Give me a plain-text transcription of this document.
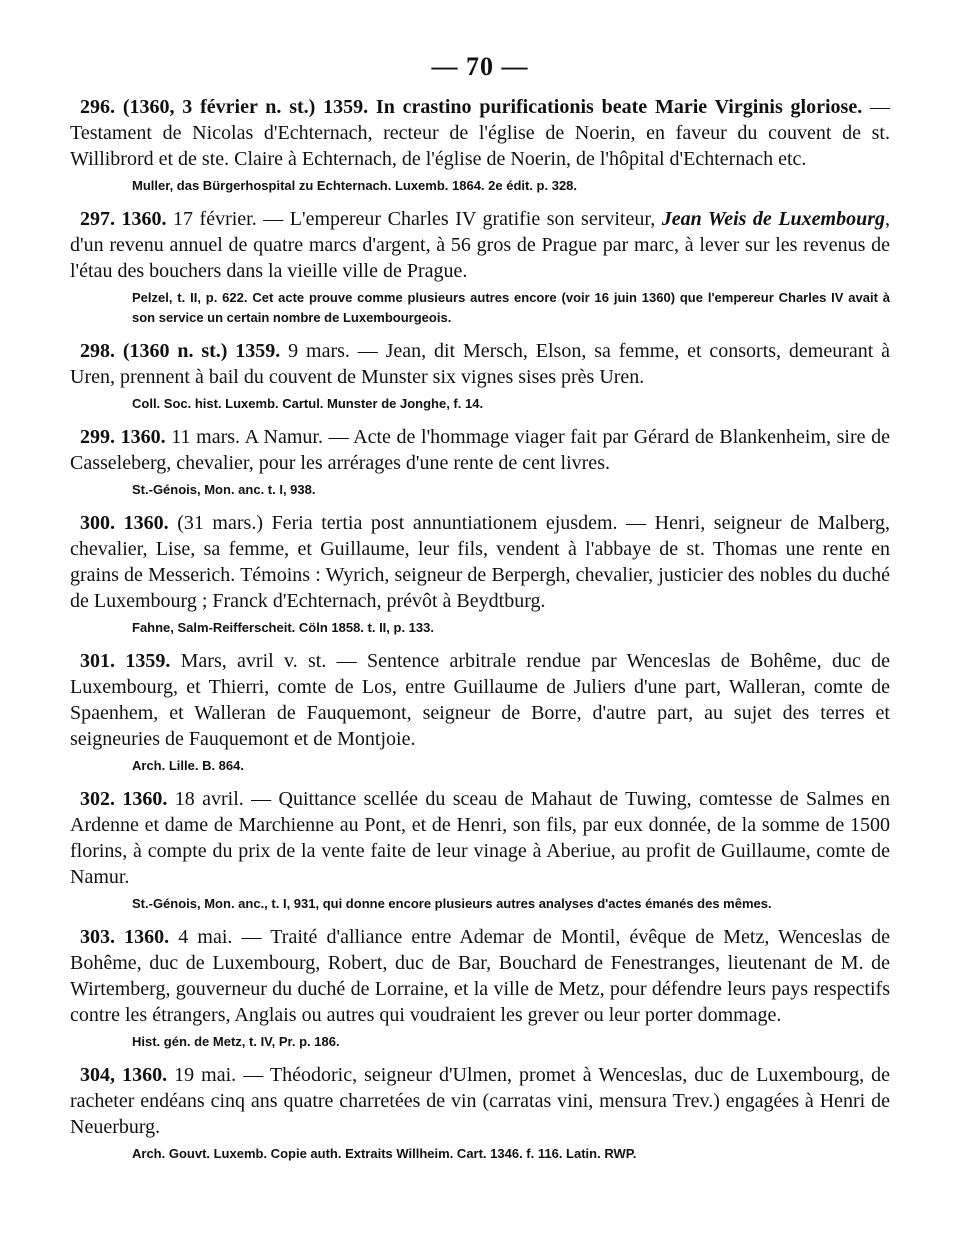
— 70 —

296. (1360, 3 février n. st.) 1359. In crastino purificationis beate Marie Virginis gloriose. — Testament de Nicolas d'Echternach, recteur de l'église de Noerin, en faveur du couvent de st. Willibrord et de ste. Claire à Echternach, de l'église de Noerin, de l'hôpital d'Echternach etc.

Muller, das Bürgerhospital zu Echternach. Luxemb. 1864. 2e édit. p. 328.

297. 1360. 17 février. — L'empereur Charles IV gratifie son serviteur, Jean Weis de Luxembourg, d'un revenu annuel de quatre marcs d'argent, à 56 gros de Prague par marc, à lever sur les revenus de l'étau des bouchers dans la vieille ville de Prague.

Pelzel, t. II, p. 622. Cet acte prouve comme plusieurs autres encore (voir 16 juin 1360) que l'empereur Charles IV avait à son service un certain nombre de Luxembourgeois.

298. (1360 n. st.) 1359. 9 mars. — Jean, dit Mersch, Elson, sa femme, et consorts, demeurant à Uren, prennent à bail du couvent de Munster six vignes sises près Uren.

Coll. Soc. hist. Luxemb. Cartul. Munster de Jonghe, f. 14.

299. 1360. 11 mars. A Namur. — Acte de l'hommage viager fait par Gérard de Blankenheim, sire de Casseleberg, chevalier, pour les arrérages d'une rente de cent livres.

St.-Génois, Mon. anc. t. I, 938.

300. 1360. (31 mars.) Feria tertia post annuntiationem ejusdem. — Henri, seigneur de Malberg, chevalier, Lise, sa femme, et Guillaume, leur fils, vendent à l'abbaye de st. Thomas une rente en grains de Messerich. Témoins : Wyrich, seigneur de Berpergh, chevalier, justicier des nobles du duché de Luxembourg ; Franck d'Echternach, prévôt à Beydtburg.

Fahne, Salm-Reifferscheit. Cöln 1858. t. II, p. 133.

301. 1359. Mars, avril v. st. — Sentence arbitrale rendue par Wenceslas de Bohême, duc de Luxembourg, et Thierri, comte de Los, entre Guillaume de Juliers d'une part, Walleran, comte de Spaenhem, et Walleran de Fauquemont, seigneur de Borre, d'autre part, au sujet des terres et seigneuries de Fauquemont et de Montjoie.

Arch. Lille. B. 864.

302. 1360. 18 avril. — Quittance scellée du sceau de Mahaut de Tuwing, comtesse de Salmes en Ardenne et dame de Marchienne au Pont, et de Henri, son fils, par eux donnée, de la somme de 1500 florins, à compte du prix de la vente faite de leur vinage à Aberiue, au profit de Guillaume, comte de Namur.

St.-Génois, Mon. anc., t. I, 931, qui donne encore plusieurs autres analyses d'actes émanés des mêmes.

303. 1360. 4 mai. — Traité d'alliance entre Ademar de Montil, évêque de Metz, Wenceslas de Bohême, duc de Luxembourg, Robert, duc de Bar, Bouchard de Fenestranges, lieutenant de M. de Wirtemberg, gouverneur du duché de Lorraine, et la ville de Metz, pour défendre leurs pays respectifs contre les étrangers, Anglais ou autres qui voudraient les grever ou leur porter dommage.

Hist. gén. de Metz, t. IV, Pr. p. 186.

304, 1360. 19 mai. — Théodoric, seigneur d'Ulmen, promet à Wenceslas, duc de Luxembourg, de racheter endéans cinq ans quatre charretées de vin (carratas vini, mensura Trev.) engagées à Henri de Neuerburg.

Arch. Gouvt. Luxemb. Copie auth. Extraits Willheim. Cart. 1346. f. 116. Latin. RWP.
